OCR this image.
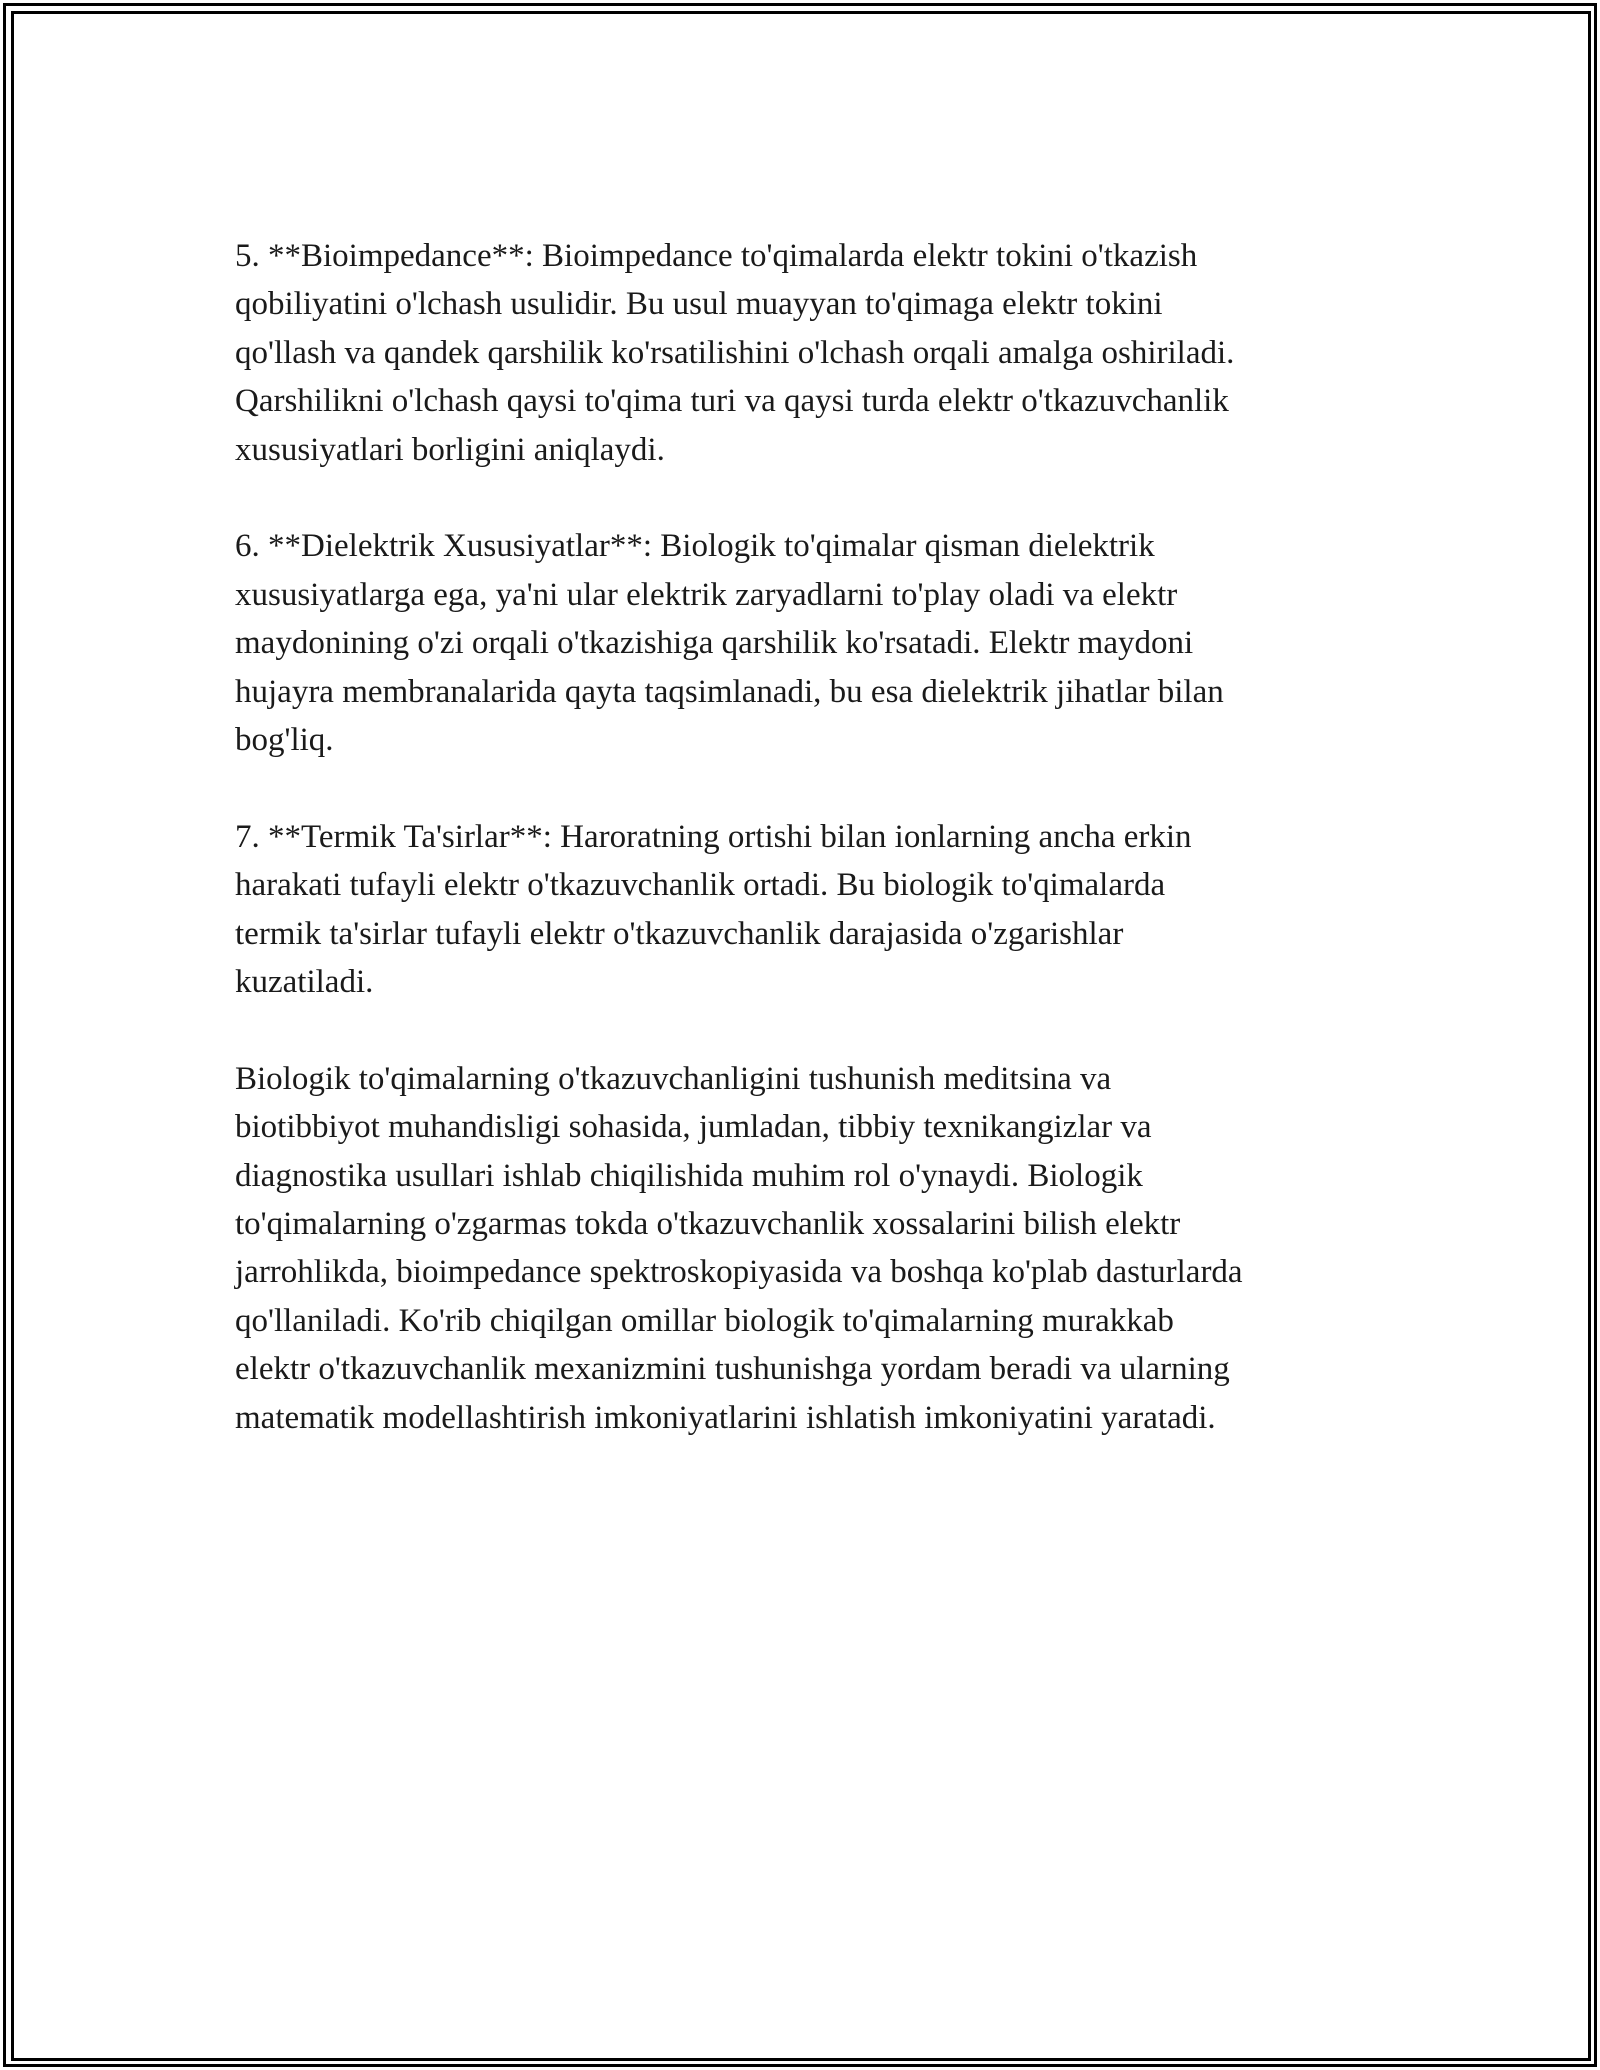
5. **Bioimpedance**: Bioimpedance to'qimalarda elektr tokini o'tkazish
qobiliyatini o'lchash usulidir. Bu usul muayyan to'qimaga elektr tokini
qo'llash va qandek qarshilik ko'rsatilishini o'lchash orqali amalga oshiriladi.
Qarshilikni o'lchash qaysi to'qima turi va qaysi turda elektr o'tkazuvchanlik
xususiyatlari borligini aniqlaydi.

6. **Dielektrik Xususiyatlar**: Biologik to'qimalar qisman dielektrik
xususiyatlarga ega, ya'ni ular elektrik zaryadlarni to'play oladi va elektr
maydonining o'zi orqali o'tkazishiga qarshilik ko'rsatadi. Elektr maydoni
hujayra membranalarida qayta taqsimlanadi, bu esa dielektrik jihatlar bilan
bog'liq.

7. **Termik Ta'sirlar**: Haroratning ortishi bilan ionlarning ancha erkin
harakati tufayli elektr o'tkazuvchanlik ortadi. Bu biologik to'qimalarda
termik ta'sirlar tufayli elektr o'tkazuvchanlik darajasida o'zgarishlar
kuzatiladi.

Biologik to'qimalarning o'tkazuvchanligini tushunish meditsina va
biotibbiyot muhandisligi sohasida, jumladan, tibbiy texnikangizlar va
diagnostika usullari ishlab chiqilishida muhim rol o'ynaydi. Biologik
to'qimalarning o'zgarmas tokda o'tkazuvchanlik xossalarini bilish elektr
jarrohlikda, bioimpedance spektroskopiyasida va boshqa ko'plab dasturlarda
qo'llaniladi. Ko'rib chiqilgan omillar biologik to'qimalarning murakkab
elektr o'tkazuvchanlik mexanizmini tushunishga yordam beradi va ularning
matematik modellashtirish imkoniyatlarini ishlatish imkoniyatini yaratadi.
